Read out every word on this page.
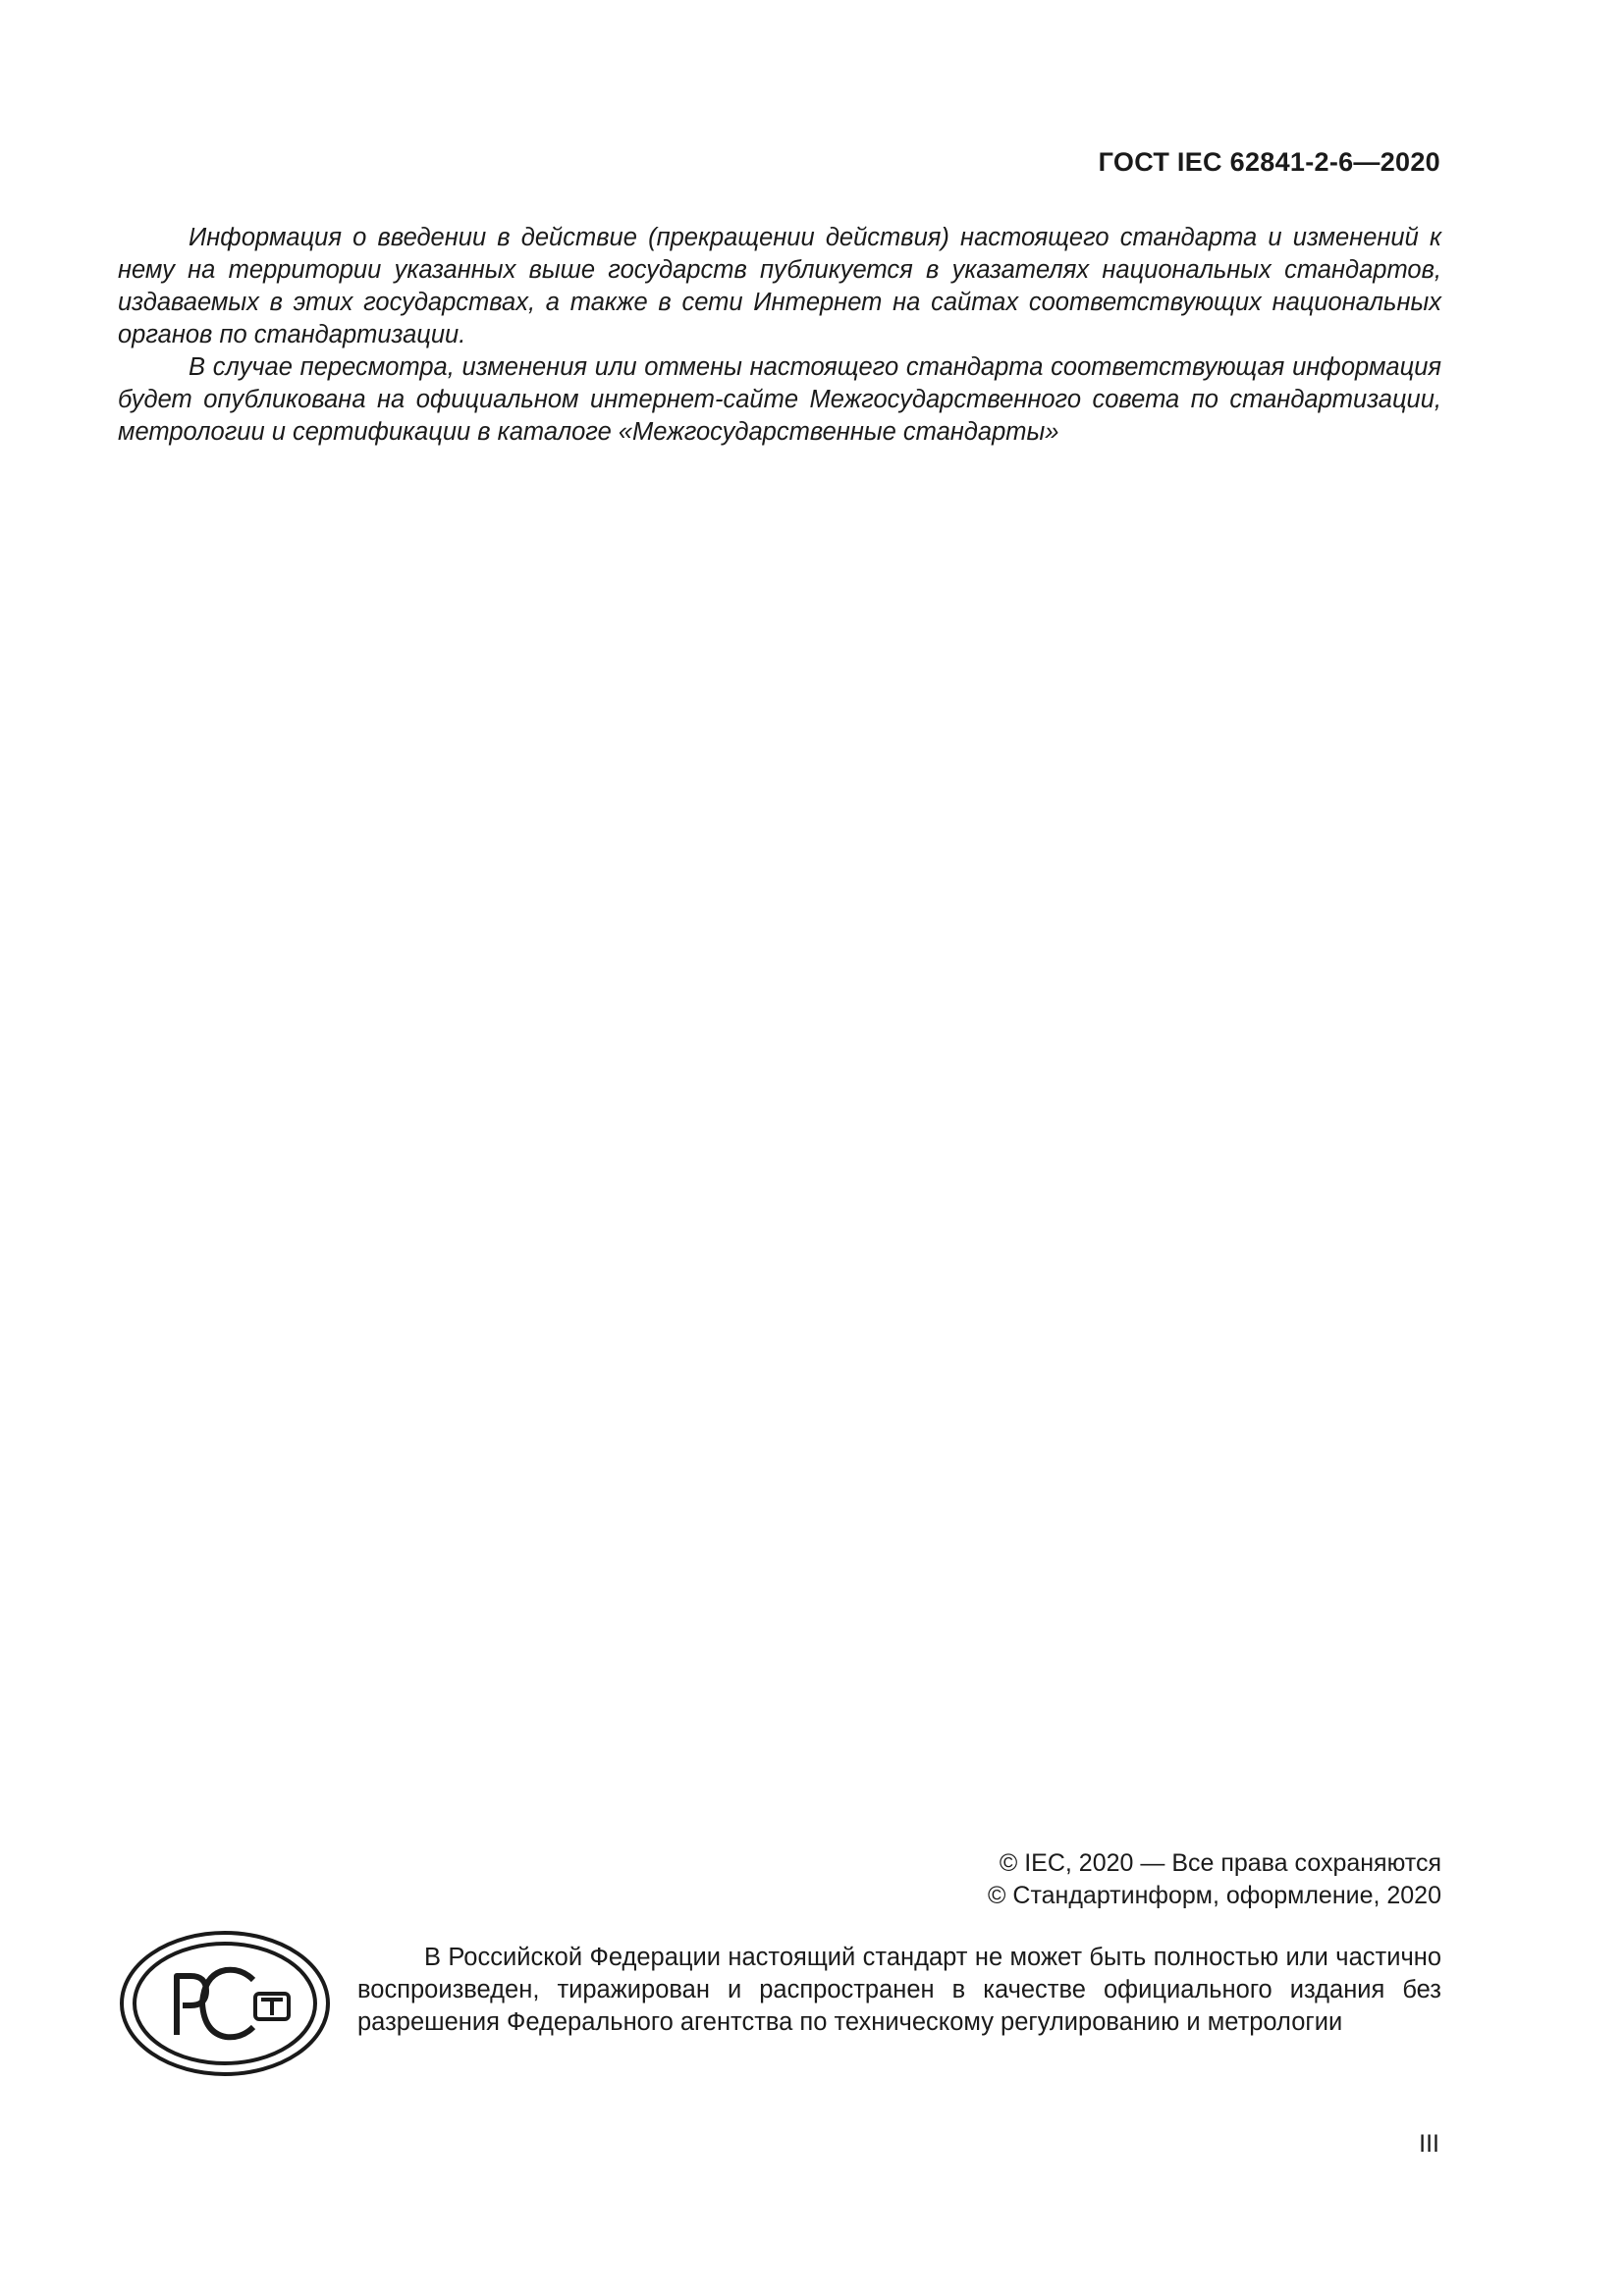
ГОСТ IEC 62841-2-6—2020

Информация о введении в действие (прекращении действия) настоящего стандарта и изменений к нему на территории указанных выше государств публикуется в указателях национальных стандартов, издаваемых в этих государствах, а также в сети Интернет на сайтах соответствующих национальных органов по стандартизации.

В случае пересмотра, изменения или отмены настоящего стандарта соответствующая информация будет опубликована на официальном интернет-сайте Межгосударственного совета по стандартизации, метрологии и сертификации в каталоге «Межгосударственные стандарты»

© IEC, 2020 — Все права сохраняются
© Стандартинформ, оформление, 2020

В Российской Федерации настоящий стандарт не может быть полностью или частично воспроизведен, тиражирован и распространен в качестве официального издания без разрешения Федерального агентства по техническому регулированию и метрологии

III
